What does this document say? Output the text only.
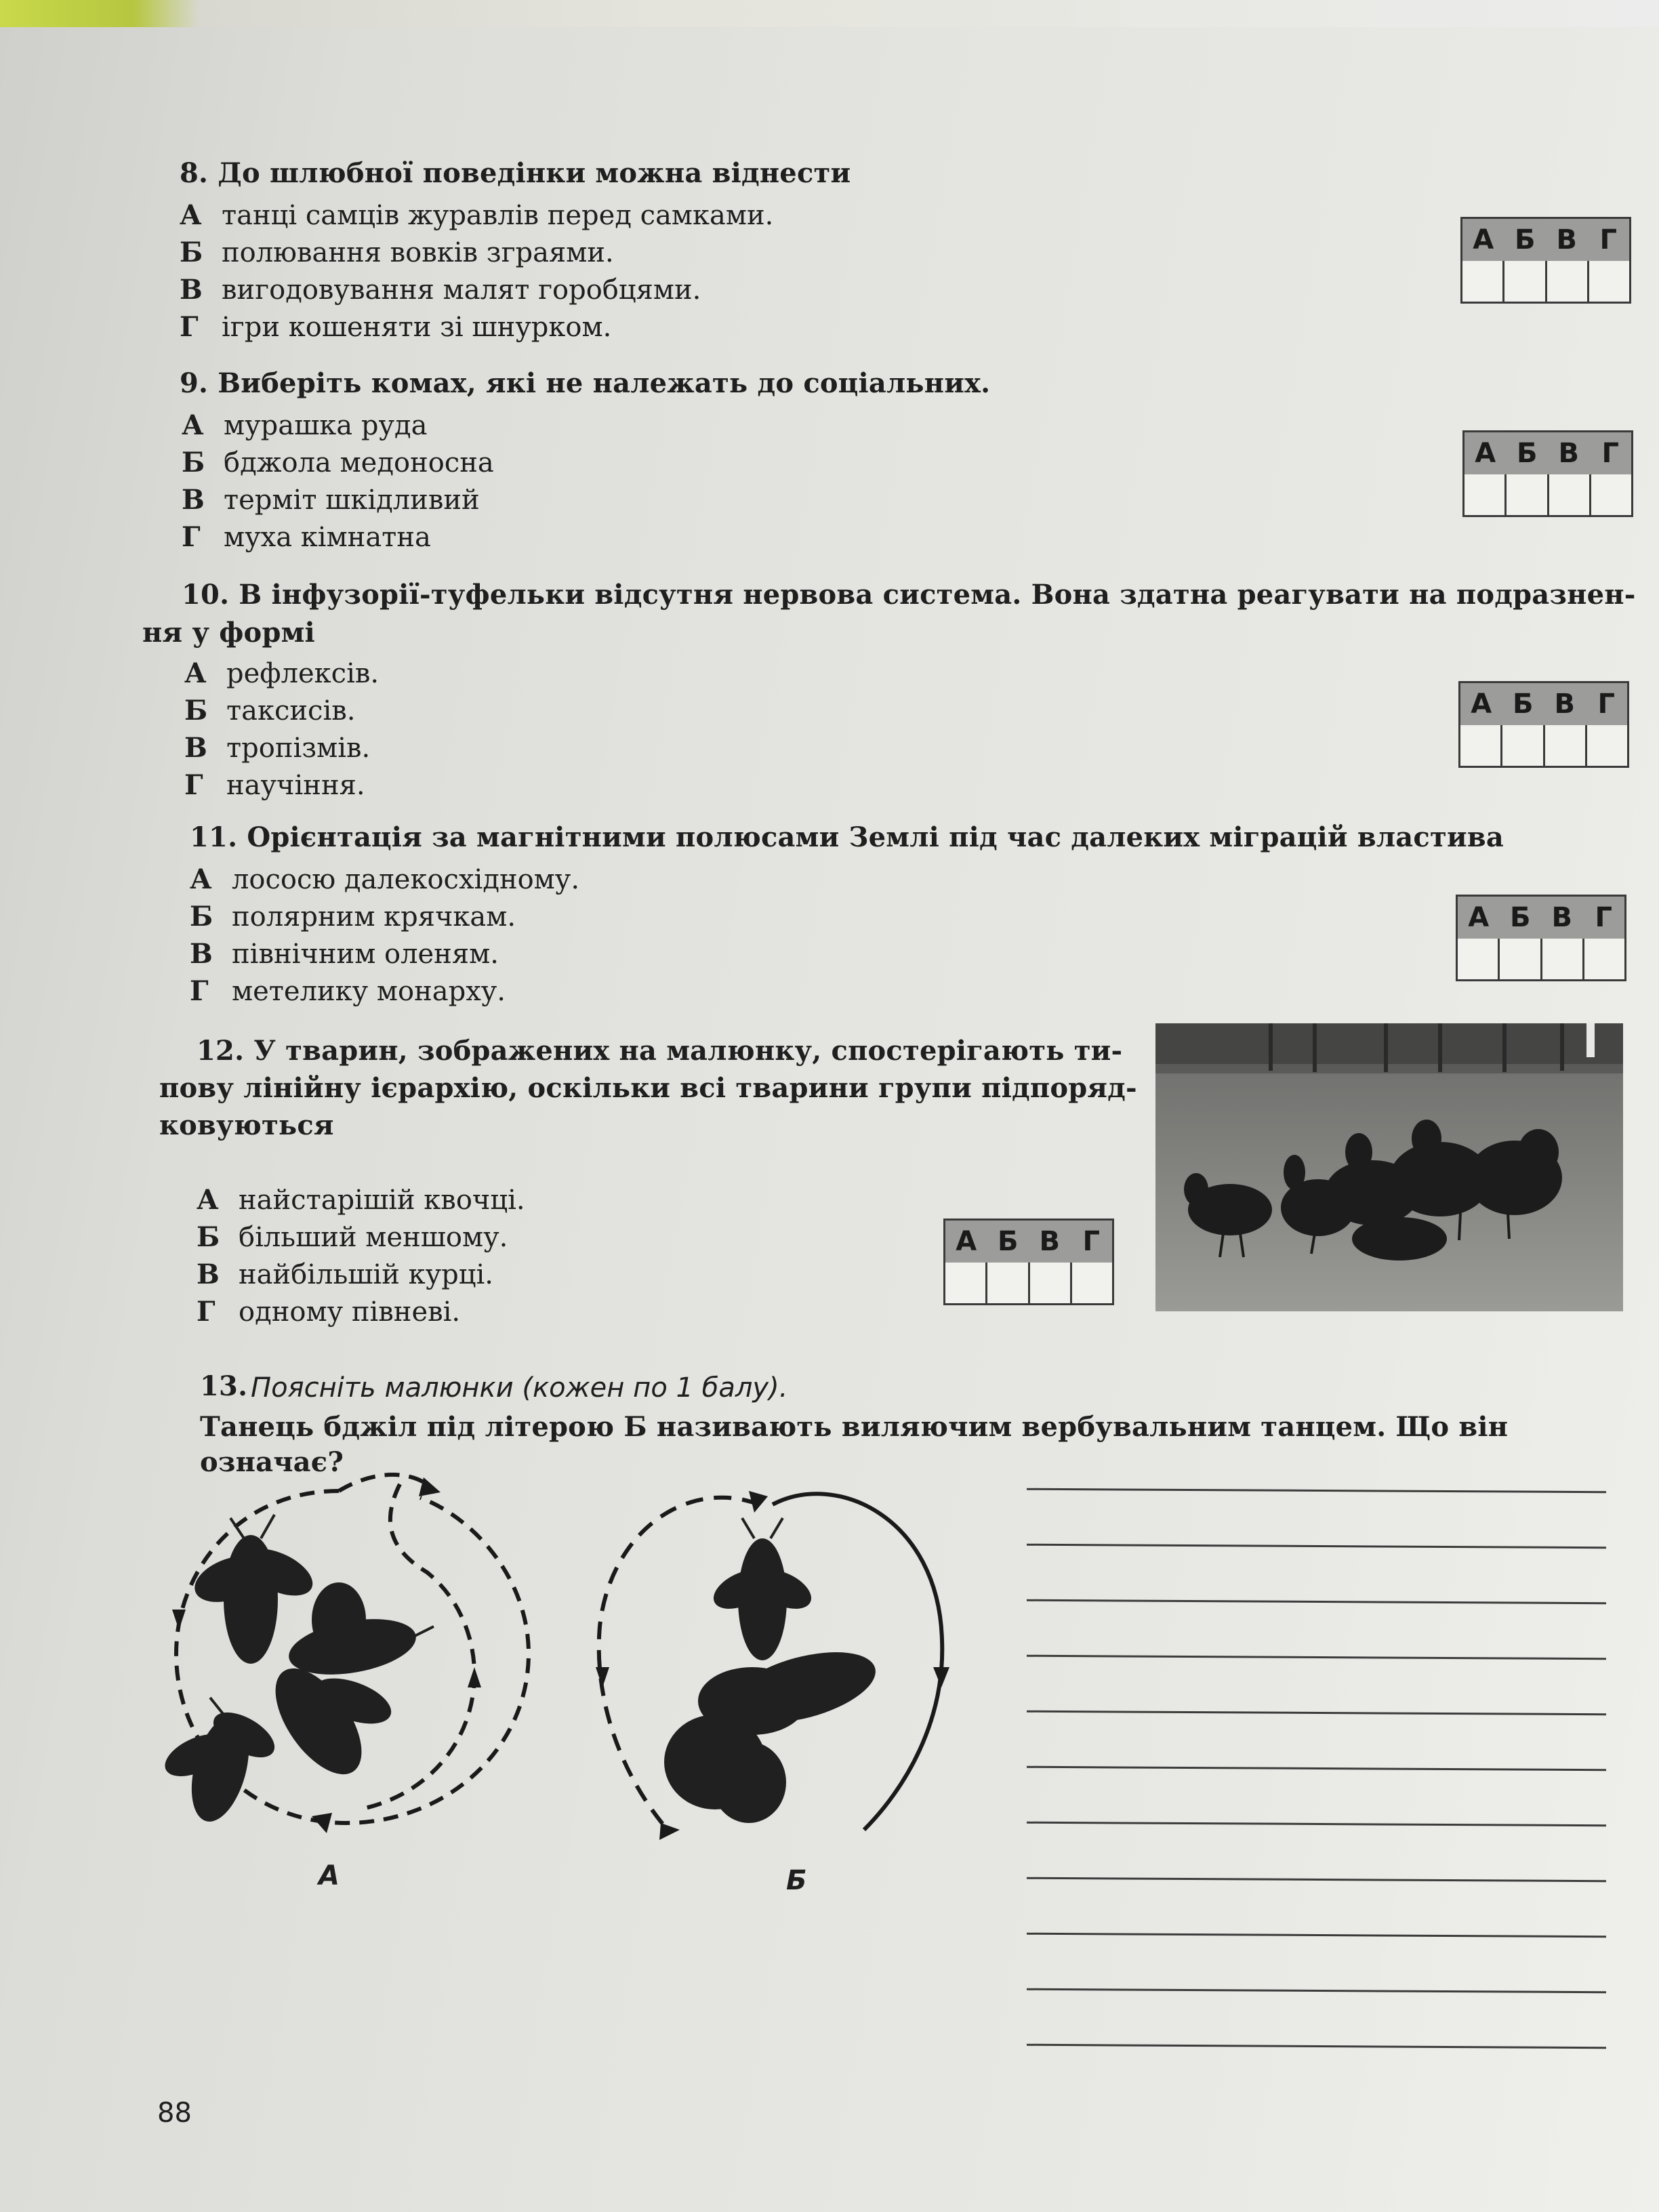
8. До шлюбної поведінки можна віднести
А танці самців журавлів перед самками.
Б полювання вовків зграями.
В вигодовування малят горобцями.
Г ігри кошеняти зі шнурком.
А Б В Г
9. Виберіть комах, які не належать до соціальних.
А мурашка руда
Б бджола медоносна
В терміт шкідливий
Г муха кімнатна
А Б В Г
10. В інфузорії-туфельки відсутня нервова система. Вона здатна реагувати на подразнен-
ня у формі
А рефлексів.
Б таксисів.
В тропізмів.
Г научіння.
А Б В Г
11. Орієнтація за магнітними полюсами Землі під час далеких міграцій властива
А лососю далекосхідному.
Б полярним крячкам.
В північним оленям.
Г метелику монарху.
А Б В Г
12. У тварин, зображених на малюнку, спостерігають ти-
пову лінійну ієрархію, оскільки всі тварини групи підпоряд-
ковуються
А найстарішій квочці.
Б більший меншому.
В найбільшій курці.
Г одному півневі.
А Б В Г
13. Поясніть малюнки (кожен по 1 балу).
Танець бджіл під літерою Б називають виляючим вербувальним танцем. Що він означає?
А	Б
88
